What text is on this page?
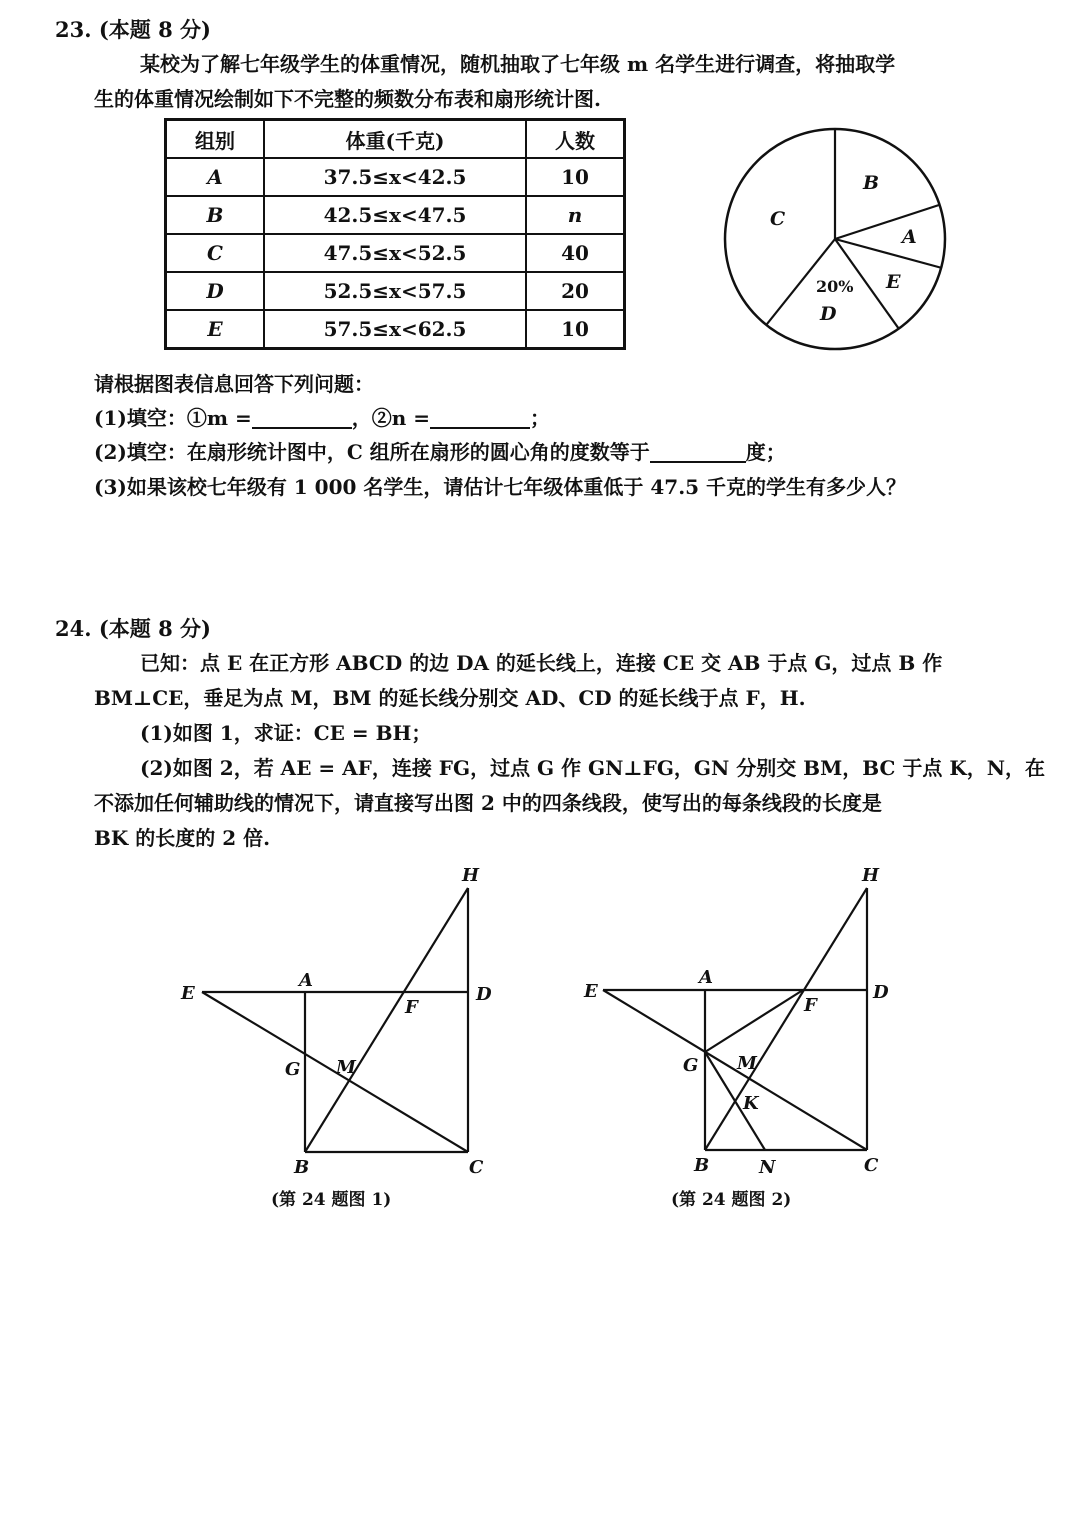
23. (本题 8 分)
某校为了解七年级学生的体重情况，随机抽取了七年级 m 名学生进行调查，将抽取学
生的体重情况绘制如下不完整的频数分布表和扇形统计图.
组别	体重(千克)	人数
A	37.5≤x<42.5	10
B	42.5≤x<47.5	n
C	47.5≤x<52.5	40
D	52.5≤x<57.5	20
E	57.5≤x<62.5	10
B
A
C
E
D
20%
请根据图表信息回答下列问题：
(1)填空：①m =	，②n =	；
(2)填空：在扇形统计图中，C 组所在扇形的圆心角的度数等于	度；
(3)如果该校七年级有 1 000 名学生，请估计七年级体重低于 47.5 千克的学生有多少人？
24. (本题 8 分)
已知：点 E 在正方形 ABCD 的边 DA 的延长线上，连接 CE 交 AB 于点 G，过点 B 作
BM⊥CE，垂足为点 M，BM 的延长线分别交 AD、CD 的延长线于点 F，H.
(1)如图 1，求证：CE = BH；
(2)如图 2，若 AE = AF，连接 FG，过点 G 作 GN⊥FG，GN 分别交 BM，BC 于点 K，N，在
不添加任何辅助线的情况下，请直接写出图 2 中的四条线段，使写出的每条线段的长度是
BK 的长度的 2 倍.
H
E
A
D
F
G M
B	C
(第 24 题图 1)
H
E
A
D
F
G M
K
B	N	C
(第 24 题图 2)
